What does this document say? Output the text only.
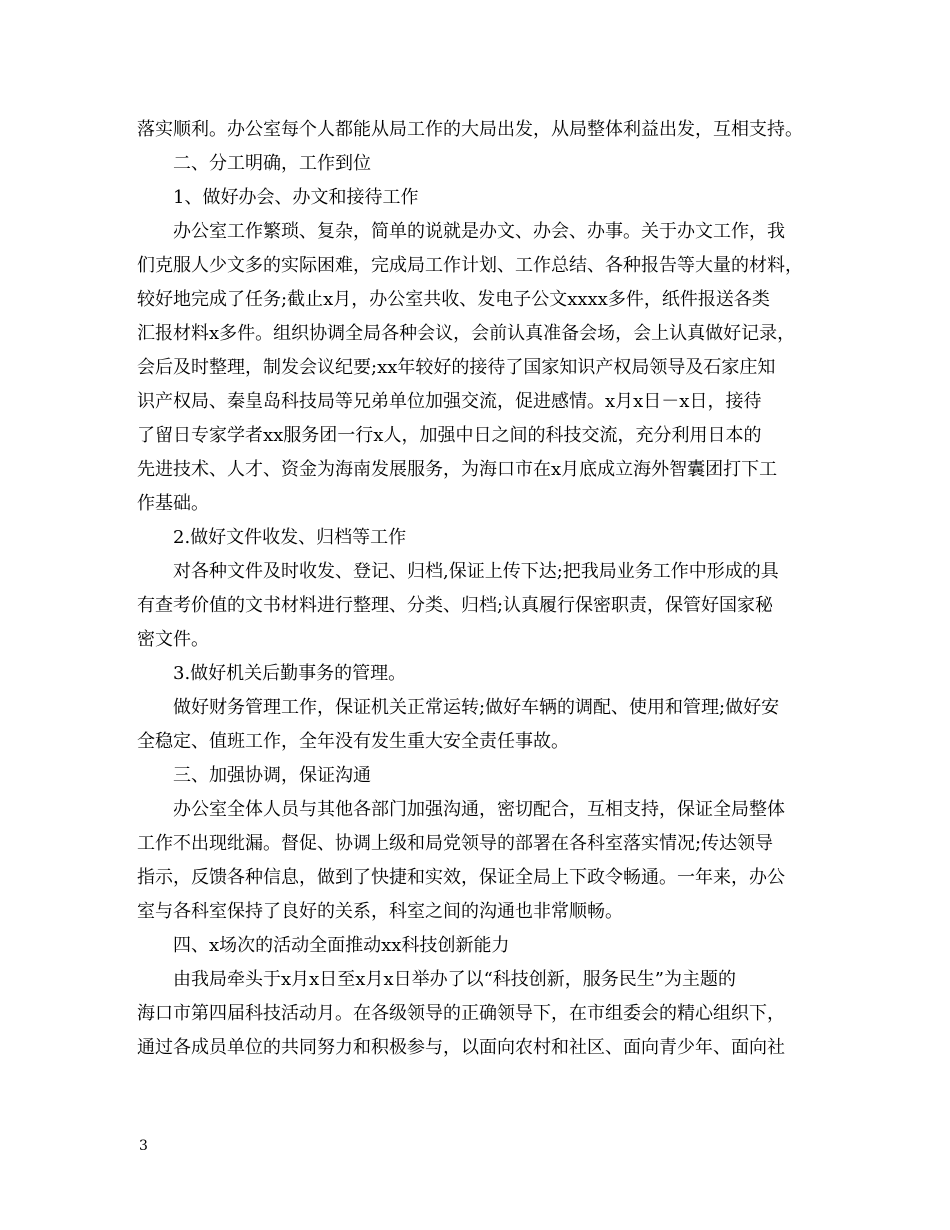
落实顺利。办公室每个人都能从局工作的大局出发，从局整体利益出发，互相支持。
二、分工明确，工作到位
1、做好办会、办文和接待工作
办公室工作繁琐、复杂，简单的说就是办文、办会、办事。关于办文工作，我
们克服人少文多的实际困难，完成局工作计划、工作总结、各种报告等大量的材料，
较好地完成了任务;截止x月，办公室共收、发电子公文xxxx多件，纸件报送各类
汇报材料x多件。组织协调全局各种会议，会前认真准备会场，会上认真做好记录，
会后及时整理，制发会议纪要;xx年较好的接待了国家知识产权局领导及石家庄知
识产权局、秦皇岛科技局等兄弟单位加强交流，促进感情。x月x日－x日，接待
了留日专家学者xx服务团一行x人，加强中日之间的科技交流，充分利用日本的
先进技术、人才、资金为海南发展服务，为海口市在x月底成立海外智囊团打下工
作基础。
2.做好文件收发、归档等工作
对各种文件及时收发、登记、归档,保证上传下达;把我局业务工作中形成的具
有查考价值的文书材料进行整理、分类、归档;认真履行保密职责，保管好国家秘
密文件。
3.做好机关后勤事务的管理。
做好财务管理工作，保证机关正常运转;做好车辆的调配、使用和管理;做好安
全稳定、值班工作，全年没有发生重大安全责任事故。
三、加强协调，保证沟通
办公室全体人员与其他各部门加强沟通，密切配合，互相支持，保证全局整体
工作不出现纰漏。督促、协调上级和局党领导的部署在各科室落实情况;传达领导
指示，反馈各种信息，做到了快捷和实效，保证全局上下政令畅通。一年来，办公
室与各科室保持了良好的关系，科室之间的沟通也非常顺畅。
四、x场次的活动全面推动xx科技创新能力
由我局牵头于x月x日至x月x日举办了以“科技创新，服务民生”为主题的
海口市第四届科技活动月。在各级领导的正确领导下，在市组委会的精心组织下，
通过各成员单位的共同努力和积极参与，以面向农村和社区、面向青少年、面向社
3
